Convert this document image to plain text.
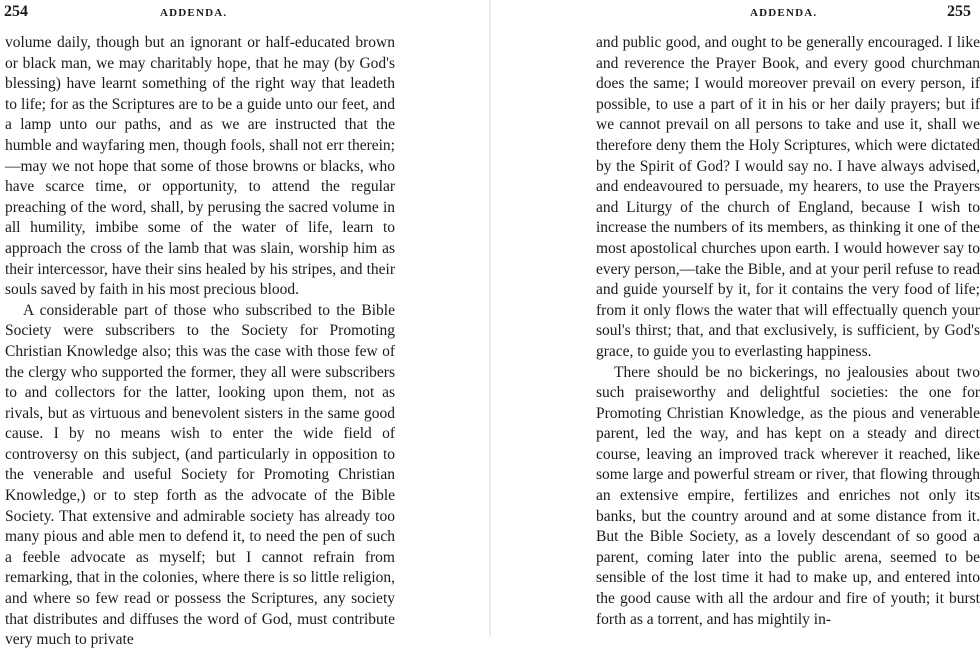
254	ADDENDA.

volume daily, though but an ignorant or half-educated brown or black man, we may charitably hope, that he may (by God's blessing) have learnt something of the right way that leadeth to life; for as the Scriptures are to be a guide unto our feet, and a lamp unto our paths, and as we are instructed that the humble and wayfaring men, though fools, shall not err therein;—may we not hope that some of those browns or blacks, who have scarce time, or opportunity, to attend the regular preaching of the word, shall, by perusing the sacred volume in all humility, imbibe some of the water of life, learn to approach the cross of the lamb that was slain, worship him as their intercessor, have their sins healed by his stripes, and their souls saved by faith in his most precious blood.

A considerable part of those who subscribed to the Bible Society were subscribers to the Society for Promoting Christian Knowledge also; this was the case with those few of the clergy who supported the former, they all were subscribers to and collectors for the latter, looking upon them, not as rivals, but as virtuous and benevolent sisters in the same good cause. I by no means wish to enter the wide field of controversy on this subject, (and particularly in opposition to the venerable and useful Society for Promoting Christian Knowledge,) or to step forth as the advocate of the Bible Society. That extensive and admirable society has already too many pious and able men to defend it, to need the pen of such a feeble advocate as myself; but I cannot refrain from remarking, that in the colonies, where there is so little religion, and where so few read or possess the Scriptures, any society that distributes and diffuses the word of God, must contribute very much to private

ADDENDA.	255

and public good, and ought to be generally encouraged. I like and reverence the Prayer Book, and every good churchman does the same; I would moreover prevail on every person, if possible, to use a part of it in his or her daily prayers; but if we cannot prevail on all persons to take and use it, shall we therefore deny them the Holy Scriptures, which were dictated by the Spirit of God? I would say no. I have always advised, and endeavoured to persuade, my hearers, to use the Prayers and Liturgy of the church of England, because I wish to increase the numbers of its members, as thinking it one of the most apostolical churches upon earth. I would however say to every person,—take the Bible, and at your peril refuse to read and guide yourself by it, for it contains the very food of life; from it only flows the water that will effectually quench your soul's thirst; that, and that exclusively, is sufficient, by God's grace, to guide you to everlasting happiness.

There should be no bickerings, no jealousies about two such praiseworthy and delightful societies: the one for Promoting Christian Knowledge, as the pious and venerable parent, led the way, and has kept on a steady and direct course, leaving an improved track wherever it reached, like some large and powerful stream or river, that flowing through an extensive empire, fertilizes and enriches not only its banks, but the country around and at some distance from it. But the Bible Society, as a lovely descendant of so good a parent, coming later into the public arena, seemed to be sensible of the lost time it had to make up, and entered into the good cause with all the ardour and fire of youth; it burst forth as a torrent, and has mightily in-
